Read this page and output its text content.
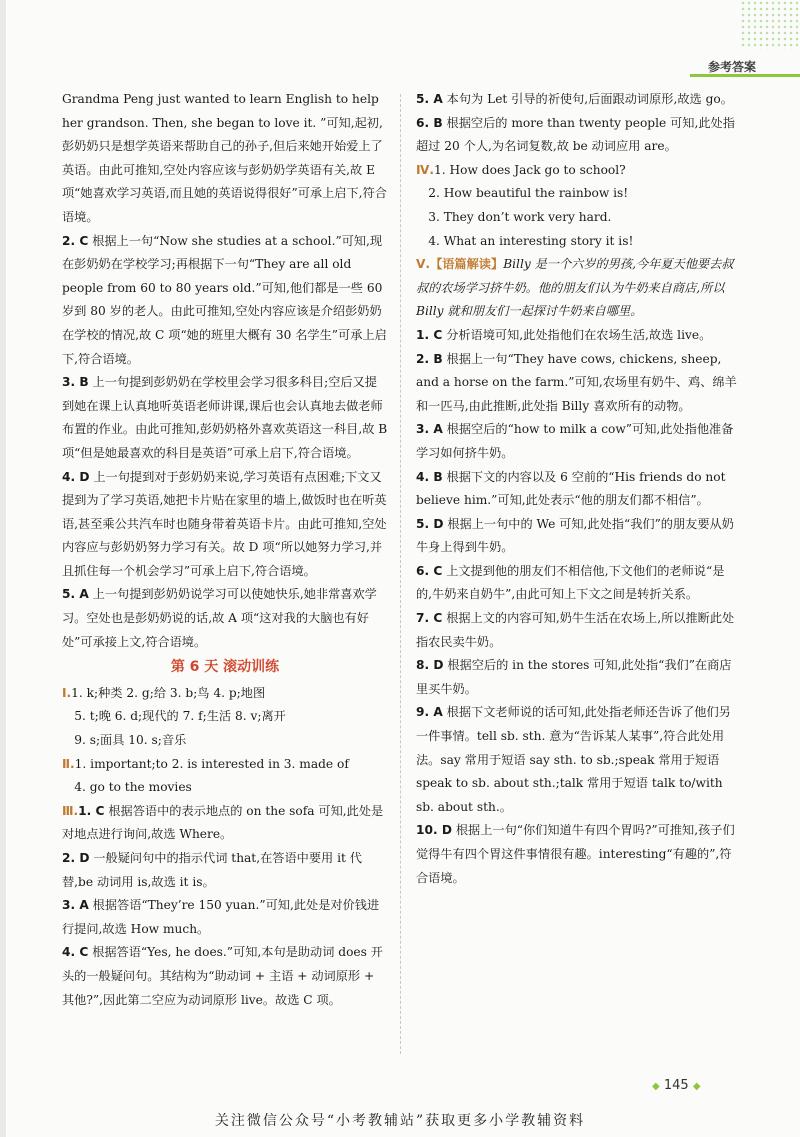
参考答案

Grandma Peng just wanted to learn English to help her grandson. Then, she began to love it. ”可知,起初,彭奶奶只是想学英语来帮助自己的孙子,但后来她开始爱上了英语。由此可推知,空处内容应该与彭奶奶学英语有关,故 E 项“她喜欢学习英语,而且她的英语说得很好”可承上启下,符合语境。

2. C 根据上一句“Now she studies at a school.”可知,现在彭奶奶在学校学习;再根据下一句“They are all old people from 60 to 80 years old.”可知,他们都是一些 60 岁到 80 岁的老人。由此可推知,空处内容应该是介绍彭奶奶在学校的情况,故 C 项“她的班里大概有 30 名学生”可承上启下,符合语境。

3. B 上一句提到彭奶奶在学校里会学习很多科目;空后又提到她在课上认真地听英语老师讲课,课后也会认真地去做老师布置的作业。由此可推知,彭奶奶格外喜欢英语这一科目,故 B 项“但是她最喜欢的科目是英语”可承上启下,符合语境。

4. D 上一句提到对于彭奶奶来说,学习英语有点困难;下文又提到为了学习英语,她把卡片贴在家里的墙上,做饭时也在听英语,甚至乘公共汽车时也随身带着英语卡片。由此可推知,空处内容应与彭奶奶努力学习有关。故 D 项“所以她努力学习,并且抓住每一个机会学习”可承上启下,符合语境。

5. A 上一句提到彭奶奶说学习可以使她快乐,她非常喜欢学习。空处也是彭奶奶说的话,故 A 项“这对我的大脑也有好处”可承接上文,符合语境。

第 6 天 滚动训练

Ⅰ.1. k;种类 2. g;给 3. b;鸟 4. p;地图

　5. t;晚 6. d;现代的 7. f;生活 8. v;离开

　9. s;面具 10. s;音乐

Ⅱ.1. important;to 2. is interested in 3. made of

　4. go to the movies

Ⅲ.1. C 根据答语中的表示地点的 on the sofa 可知,此处是对地点进行询问,故选 Where。

2. D 一般疑问句中的指示代词 that,在答语中要用 it 代替,be 动词用 is,故选 it is。

3. A 根据答语“They’re 150 yuan.”可知,此处是对价钱进行提问,故选 How much。

4. C 根据答语“Yes, he does.”可知,本句是助动词 does 开头的一般疑问句。其结构为“助动词 + 主语 + 动词原形 + 其他?”,因此第二空应为动词原形 live。故选 C 项。

5. A 本句为 Let 引导的祈使句,后面跟动词原形,故选 go。

6. B 根据空后的 more than twenty people 可知,此处指超过 20 个人,为名词复数,故 be 动词应用 are。

Ⅳ.1. How does Jack go to school?

　2. How beautiful the rainbow is!

　3. They don’t work very hard.

　4. What an interesting story it is!

Ⅴ.【语篇解读】Billy 是一个六岁的男孩,今年夏天他要去叔叔的农场学习挤牛奶。他的朋友们认为牛奶来自商店,所以 Billy 就和朋友们一起探讨牛奶来自哪里。

1. C 分析语境可知,此处指他们在农场生活,故选 live。

2. B 根据上一句“They have cows, chickens, sheep, and a horse on the farm.”可知,农场里有奶牛、鸡、绵羊和一匹马,由此推断,此处指 Billy 喜欢所有的动物。

3. A 根据空后的“how to milk a cow”可知,此处指他准备学习如何挤牛奶。

4. B 根据下文的内容以及 6 空前的“His friends do not believe him.”可知,此处表示“他的朋友们都不相信”。

5. D 根据上一句中的 We 可知,此处指“我们”的朋友要从奶牛身上得到牛奶。

6. C 上文提到他的朋友们不相信他,下文他们的老师说“是的,牛奶来自奶牛”,由此可知上下文之间是转折关系。

7. C 根据上文的内容可知,奶牛生活在农场上,所以推断此处指农民卖牛奶。

8. D 根据空后的 in the stores 可知,此处指“我们”在商店里买牛奶。

9. A 根据下文老师说的话可知,此处指老师还告诉了他们另一件事情。tell sb. sth. 意为“告诉某人某事”,符合此处用法。say 常用于短语 say sth. to sb.;speak 常用于短语 speak to sb. about sth.;talk 常用于短语 talk to/with sb. about sth.。

10. D 根据上一句“你们知道牛有四个胃吗?”可推知,孩子们觉得牛有四个胃这件事情很有趣。interesting“有趣的”,符合语境。

◆ 145 ◆
关注微信公众号“小考教辅站”获取更多小学教辅资料
